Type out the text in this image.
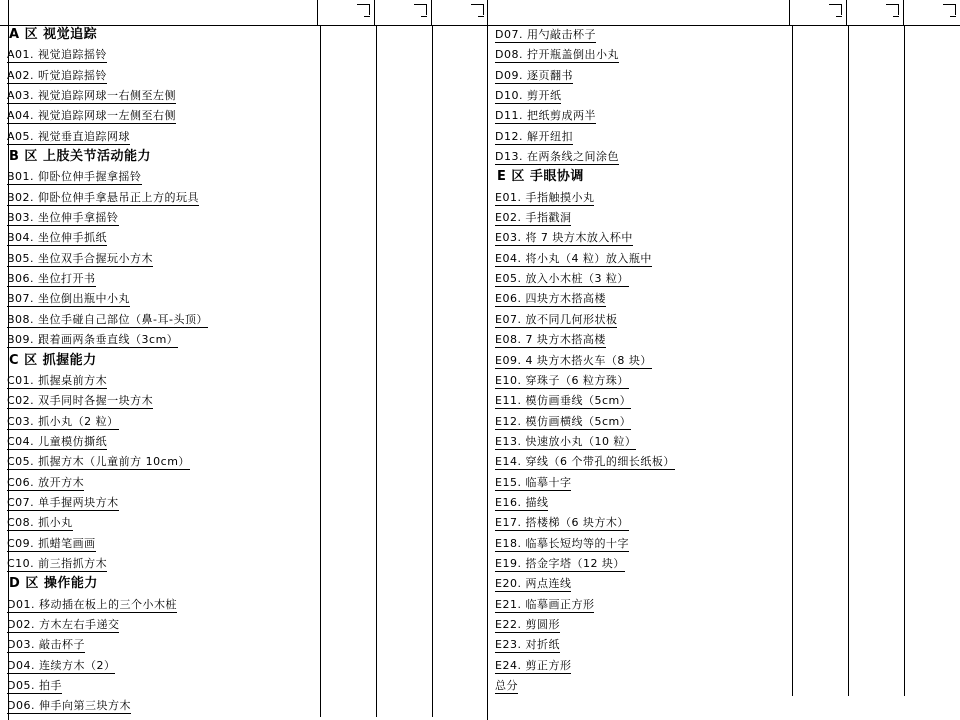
A 区 视觉追踪
A01. 视觉追踪摇铃
A02. 听觉追踪摇铃
A03. 视觉追踪网球一右侧至左侧
A04. 视觉追踪网球一左侧至右侧
A05. 视觉垂直追踪网球
B 区 上肢关节活动能力
B01. 仰卧位伸手握拿摇铃
B02. 仰卧位伸手拿悬吊正上方的玩具
B03. 坐位伸手拿摇铃
B04. 坐位伸手抓纸
B05. 坐位双手合握玩小方木
B06. 坐位打开书
B07. 坐位倒出瓶中小丸
B08. 坐位手碰自己部位（鼻-耳-头顶）
B09. 跟着画两条垂直线（3cm）
C 区 抓握能力
C01. 抓握桌前方木
C02. 双手同时各握一块方木
C03. 抓小丸（2 粒）
C04. 儿童模仿撕纸
C05. 抓握方木（儿童前方 10cm）
C06. 放开方木
C07. 单手握两块方木
C08. 抓小丸
C09. 抓蜡笔画画
C10. 前三指抓方木
D 区 操作能力
D01. 移动插在板上的三个小木桩
D02. 方木左右手递交
D03. 敲击杯子
D04. 连续方木（2）
D05. 拍手
D06. 伸手向第三块方木
D07. 用勺敲击杯子
D08. 拧开瓶盖倒出小丸
D09. 逐页翻书
D10. 剪开纸
D11. 把纸剪成两半
D12. 解开纽扣
D13. 在两条线之间涂色
E 区 手眼协调
E01. 手指触摸小丸
E02. 手指戳洞
E03. 将 7 块方木放入杯中
E04. 将小丸（4 粒）放入瓶中
E05. 放入小木桩（3 粒）
E06. 四块方木搭高楼
E07. 放不同几何形状板
E08. 7 块方木搭高楼
E09. 4 块方木搭火车（8 块）
E10. 穿珠子（6 粒方珠）
E11. 模仿画垂线（5cm）
E12. 模仿画横线（5cm）
E13. 快速放小丸（10 粒）
E14. 穿线（6 个带孔的细长纸板）
E15. 临摹十字
E16. 描线
E17. 搭楼梯（6 块方木）
E18. 临摹长短均等的十字
E19. 搭金字塔（12 块）
E20. 两点连线
E21. 临摹画正方形
E22. 剪圆形
E23. 对折纸
E24. 剪正方形
总分
